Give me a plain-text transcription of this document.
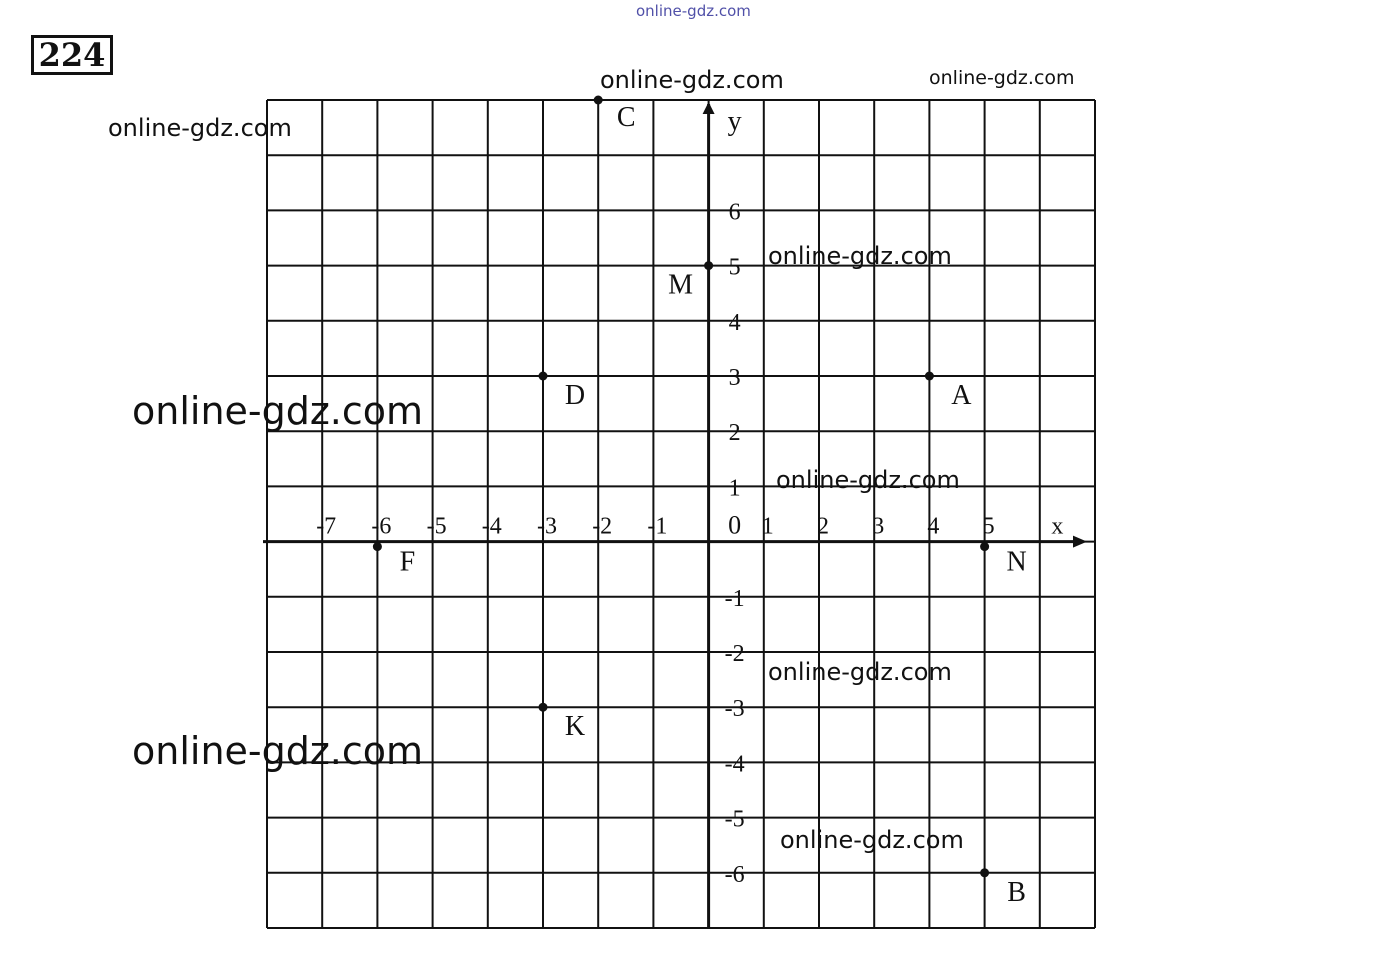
x
y
0
-7 -6 -5 -4 -3 -2 -1	1 2 3 4 5
6
5
4
3
2
1
-1
-2
-3
-4
-5
-6
C
M
D	A
F	N
K
B
224
online-gdz.com
online-gdz.com	online-gdz.com
online-gdz.com
online-gdz.com
online-gdz.com
online-gdz.com
online-gdz.com
online-gdz.com
online-gdz.com
